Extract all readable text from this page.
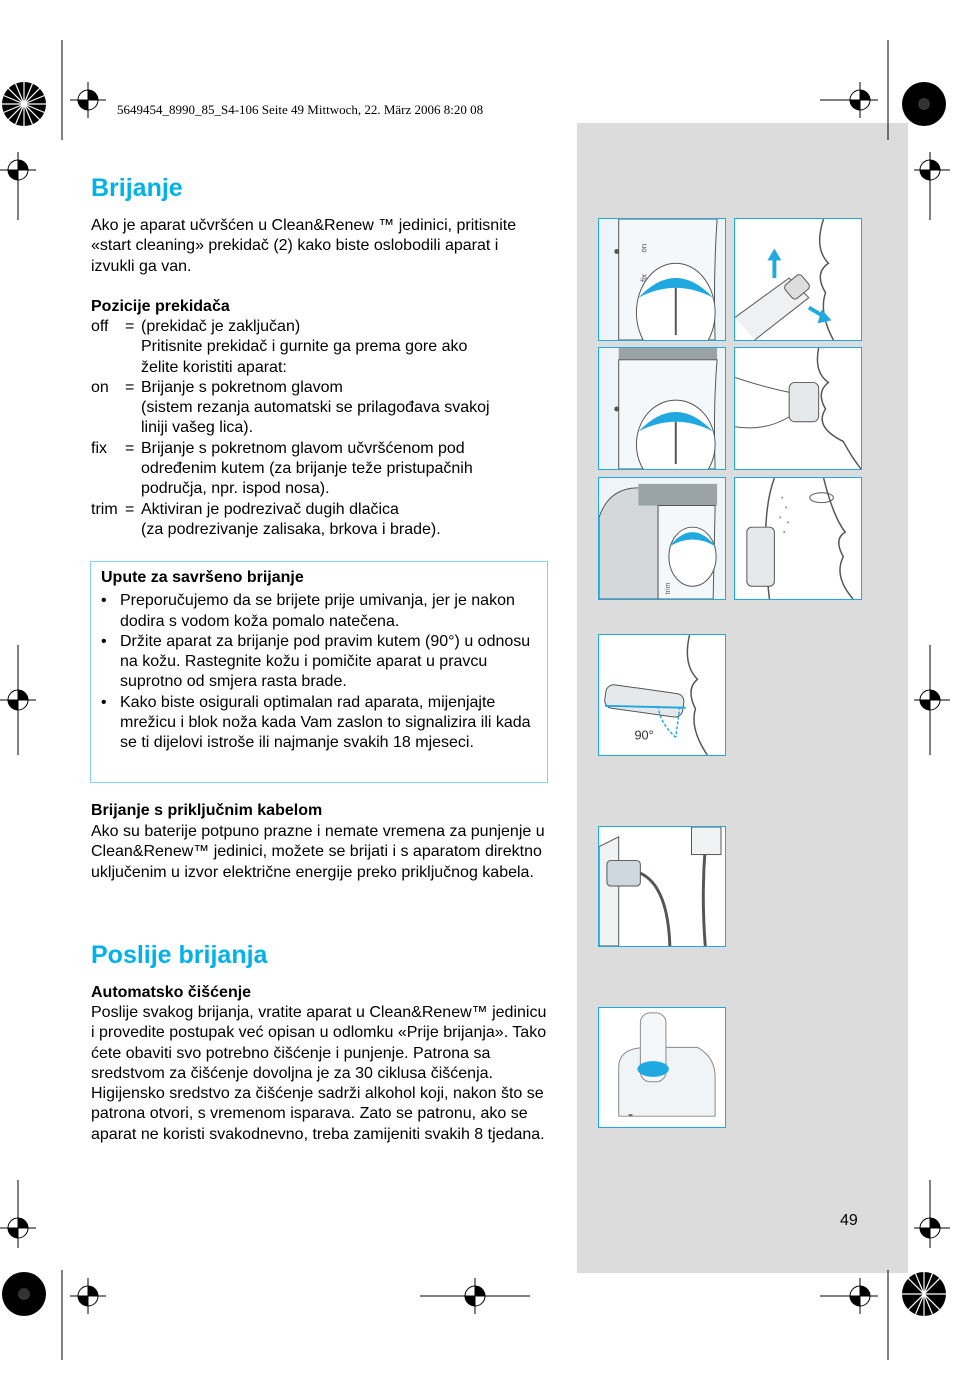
5649454_8990_85_S4-106 Seite 49 Mittwoch, 22. März 2006 8:20 08
Brijanje

Ako je aparat učvršćen u Clean&Renew ™ jedinici, pritisnite «start cleaning» prekidač (2) kako biste oslobodili aparat i izvukli ga van.

Pozicije prekidača
off	= (prekidač je zaključan)
Pritisnite prekidač i gurnite ga prema gore ako
želite koristiti aparat:
on	= Brijanje s pokretnom glavom
(sistem rezanja automatski se prilagođava svakoj
liniji vašeg lica).
fix	= Brijanje s pokretnom glavom učvršćenom pod
određenim kutem (za brijanje teže pristupačnih
područja, npr. ispod nosa).
trim = Aktiviran je podrezivač dugih dlačica
(za podrezivanje zalisaka, brkova i brade).
Upute za savršeno brijanje
• Preporučujemo da se brijete prije umivanja, jer je nakon dodira s vodom koža pomalo natečena.
• Držite aparat za brijanje pod pravim kutem (90°) u odnosu na kožu. Rastegnite kožu i pomičite aparat u pravcu suprotno od smjera rasta brade.
• Kako biste osigurali optimalan rad aparata, mijenjajte mrežicu i blok noža kada Vam zaslon to signalizira ili kada se ti dijelovi istroše ili najmanje svakih 18 mjeseci.
Brijanje s priključnim kabelom

Ako su baterije potpuno prazne i nemate vremena za punjenje u Clean&Renew™ jedinici, možete se brijati i s aparatom direktno uključenim u izvor električne energije preko priključnog kabela.

Poslije brijanja
Automatsko čišćenje

Poslije svakog brijanja, vratite aparat u Clean&Renew™ jedinicu i provedite postupak već opisan u odlomku «Prije brijanja». Tako ćete obaviti svo potrebno čišćenje i punjenje. Patrona sa sredstvom za čišćenje dovoljna je za 30 ciklusa čišćenja.

Higijensko sredstvo za čišćenje sadrži alkohol koji, nakon što se patrona otvori, s vremenom isparava. Zato se patronu, ako se aparat ne koristi svakodnevno, treba zamijeniti svakih 8 tjedana.

on
fix
trim
90°
49
